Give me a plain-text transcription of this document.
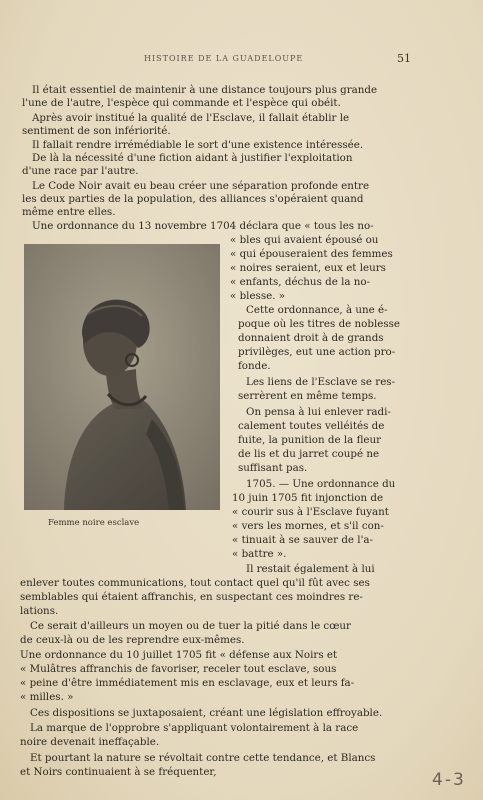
HISTOIRE DE LA GUADELOUPE	51
Il était essentiel de maintenir à une distance toujours plus grande
l'une de l'autre, l'espèce qui commande et l'espèce qui obéit.
Après avoir institué la qualité de l'Esclave, il fallait établir le
sentiment de son infériorité.
Il fallait rendre irrémédiable le sort d'une existence intéressée.
De là la nécessité d'une fiction aidant à justifier l'exploitation
d'une race par l'autre.
Le Code Noir avait eu beau créer une séparation profonde entre
les deux parties de la population, des alliances s'opéraient quand
même entre elles.
Une ordonnance du 13 novembre 1704 déclara que « tous les no-
Femme noire esclave
« bles qui avaient épousé ou
« qui épouseraient des femmes
« noires seraient, eux et leurs
« enfants, déchus de la no-
« blesse. »
Cette ordonnance, à une é-
poque où les titres de noblesse
donnaient droit à de grands
privilèges, eut une action pro-
fonde.
Les liens de l'Esclave se res-
serrèrent en même temps.
On pensa à lui enlever radi-
calement toutes velléités de
fuite, la punition de la fleur
de lis et du jarret coupé ne
suffisant pas.
1705. — Une ordonnance du
10 juin 1705 fit injonction de
« courir sus à l'Esclave fuyant
« vers les mornes, et s'il con-
« tinuait à se sauver de l'a-
« battre ».
Il restait également à lui
enlever toutes communications, tout contact quel qu'il fût avec ses
semblables qui étaient affranchis, en suspectant ces moindres re-
lations.
Ce serait d'ailleurs un moyen ou de tuer la pitié dans le cœur
de ceux-là ou de les reprendre eux-mêmes.
Une ordonnance du 10 juillet 1705 fit « défense aux Noirs et
« Mulâtres affranchis de favoriser, receler tout esclave, sous
« peine d'être immédiatement mis en esclavage, eux et leurs fa-
« milles. »
Ces dispositions se juxtaposaient, créant une législation effroyable.
La marque de l'opprobre s'appliquant volontairement à la race
noire devenait ineffaçable.
Et pourtant la nature se révoltait contre cette tendance, et Blancs
et Noirs continuaient à se fréquenter,	4-3
